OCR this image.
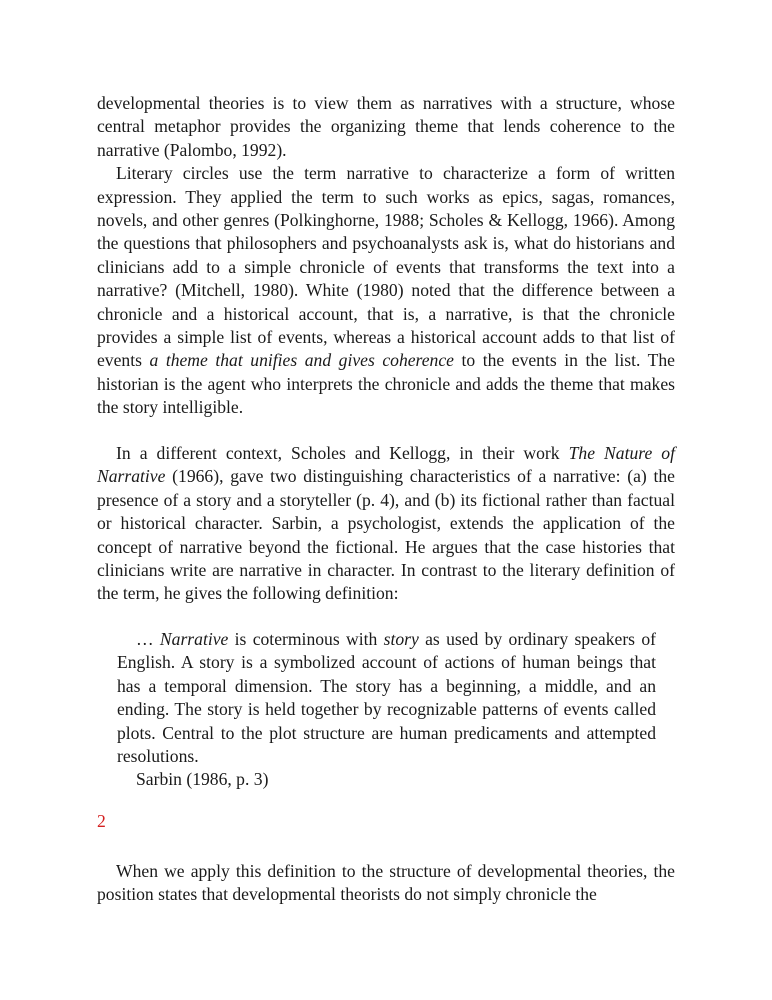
developmental theories is to view them as narratives with a structure, whose central metaphor provides the organizing theme that lends coherence to the narrative (Palombo, 1992).

Literary circles use the term narrative to characterize a form of written expression. They applied the term to such works as epics, sagas, romances, novels, and other genres (Polkinghorne, 1988; Scholes & Kellogg, 1966). Among the questions that philosophers and psychoanalysts ask is, what do historians and clinicians add to a simple chronicle of events that transforms the text into a narrative? (Mitchell, 1980). White (1980) noted that the difference between a chronicle and a historical account, that is, a narrative, is that the chronicle provides a simple list of events, whereas a historical account adds to that list of events a theme that unifies and gives coherence to the events in the list. The historian is the agent who interprets the chronicle and adds the theme that makes the story intelligible.

In a different context, Scholes and Kellogg, in their work The Nature of Narrative (1966), gave two distinguishing characteristics of a narrative: (a) the presence of a story and a storyteller (p. 4), and (b) its fictional rather than factual or historical character. Sarbin, a psychologist, extends the application of the concept of narrative beyond the fictional. He argues that the case histories that clinicians write are narrative in character. In contrast to the literary definition of the term, he gives the following definition:

… Narrative is coterminous with story as used by ordinary speakers of English. A story is a symbolized account of actions of human beings that has a temporal dimension. The story has a beginning, a middle, and an ending. The story is held together by recognizable patterns of events called plots. Central to the plot structure are human predicaments and attempted resolutions.

Sarbin (1986, p. 3)

2

When we apply this definition to the structure of developmental theories, the position states that developmental theorists do not simply chronicle the
